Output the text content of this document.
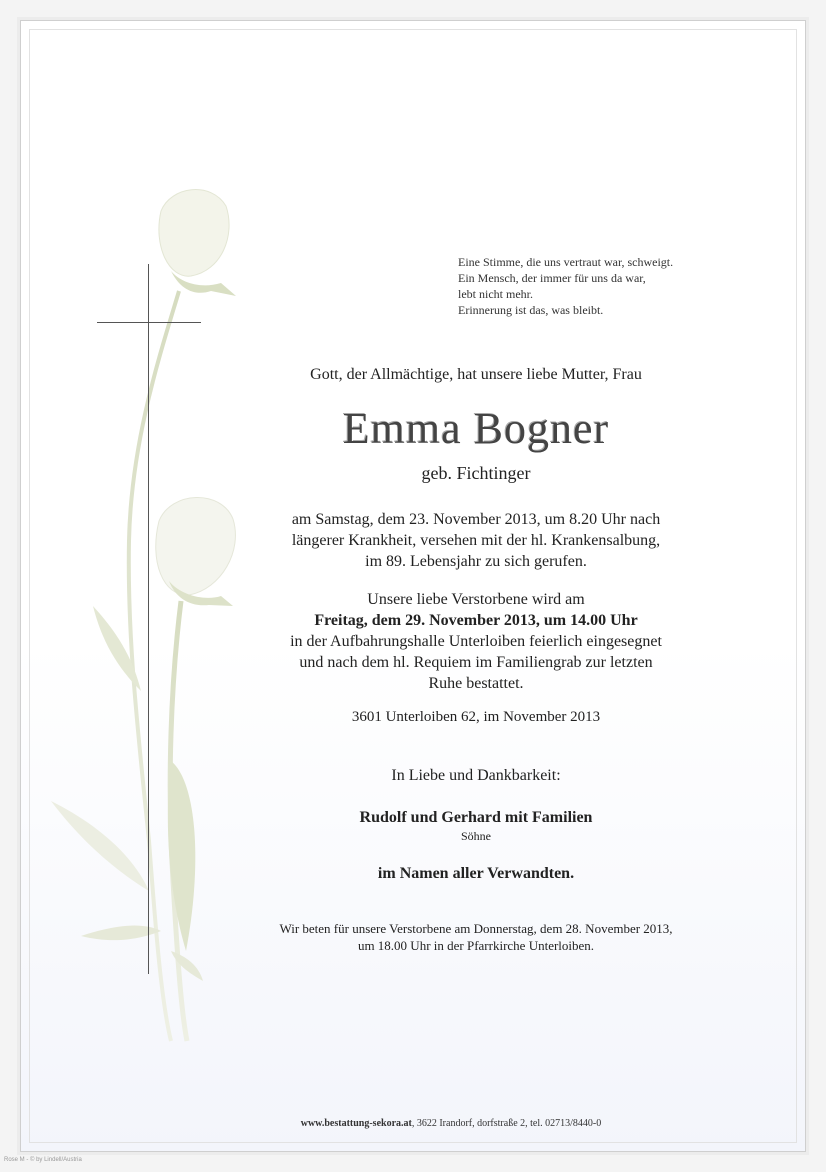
Eine Stimme, die uns vertraut war, schweigt.
Ein Mensch, der immer für uns da war,
lebt nicht mehr.
Erinnerung ist das, was bleibt.
Gott, der Allmächtige, hat unsere liebe Mutter, Frau
Emma Bogner
geb. Fichtinger
am Samstag, dem 23. November 2013, um 8.20 Uhr nach
längerer Krankheit, versehen mit der hl. Krankensalbung,
im 89. Lebensjahr zu sich gerufen.
Unsere liebe Verstorbene wird am
Freitag, dem 29. November 2013, um 14.00 Uhr
in der Aufbahrungshalle Unterloiben feierlich eingesegnet
und nach dem hl. Requiem im Familiengrab zur letzten
Ruhe bestattet.
3601 Unterloiben 62, im November 2013
In Liebe und Dankbarkeit:
Rudolf und Gerhard mit Familien
Söhne
im Namen aller Verwandten.
Wir beten für unsere Verstorbene am Donnerstag, dem 28. November 2013,
um 18.00 Uhr in der Pfarrkirche Unterloiben.
www.bestattung-sekora.at, 3622 Irandorf, dorfstraße 2, tel. 02713/8440-0
Rose M - © by Lindell/Austria
